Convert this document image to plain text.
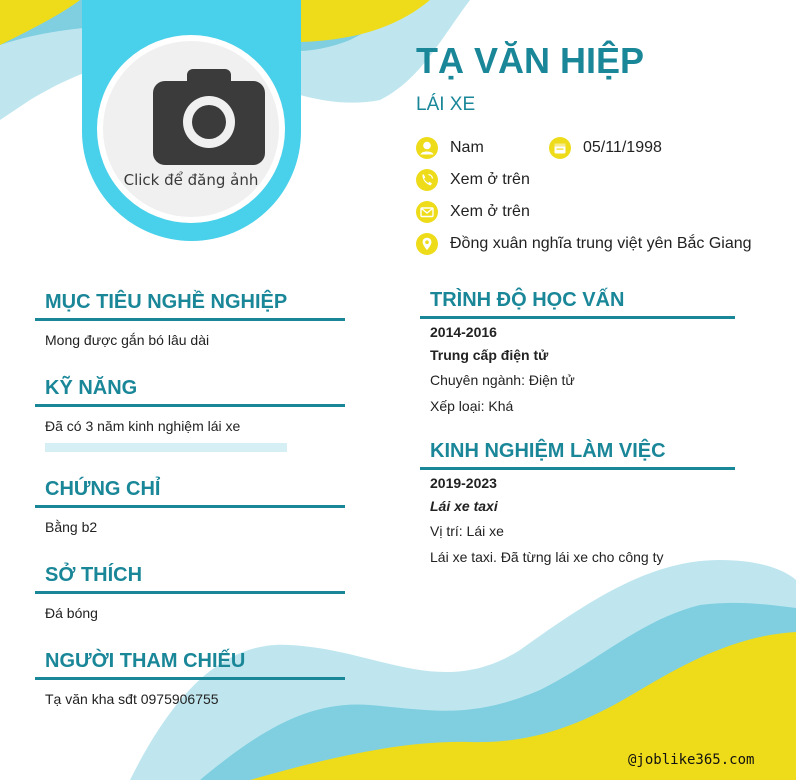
Click để đăng ảnh
TẠ VĂN HIỆP
LÁI XE
Nam	05/11/1998
Xem ở trên
Xem ở trên
Đồng xuân nghĩa trung việt yên Bắc Giang
MỤC TIÊU NGHỀ NGHIỆP
Mong được gắn bó lâu dài
KỸ NĂNG
Đã có 3 năm kinh nghiệm lái xe
CHỨNG CHỈ
Bằng b2
SỞ THÍCH
Đá bóng
NGƯỜI THAM CHIẾU
Tạ văn kha sđt 0975906755
TRÌNH ĐỘ HỌC VẤN
2014-2016
Trung cấp điện tử
Chuyên ngành: Điện tử
Xếp loại: Khá
KINH NGHIỆM LÀM VIỆC
2019-2023
Lái xe taxi
Vị trí: Lái xe
Lái xe taxi. Đã từng lái xe cho công ty
@joblike365.com
